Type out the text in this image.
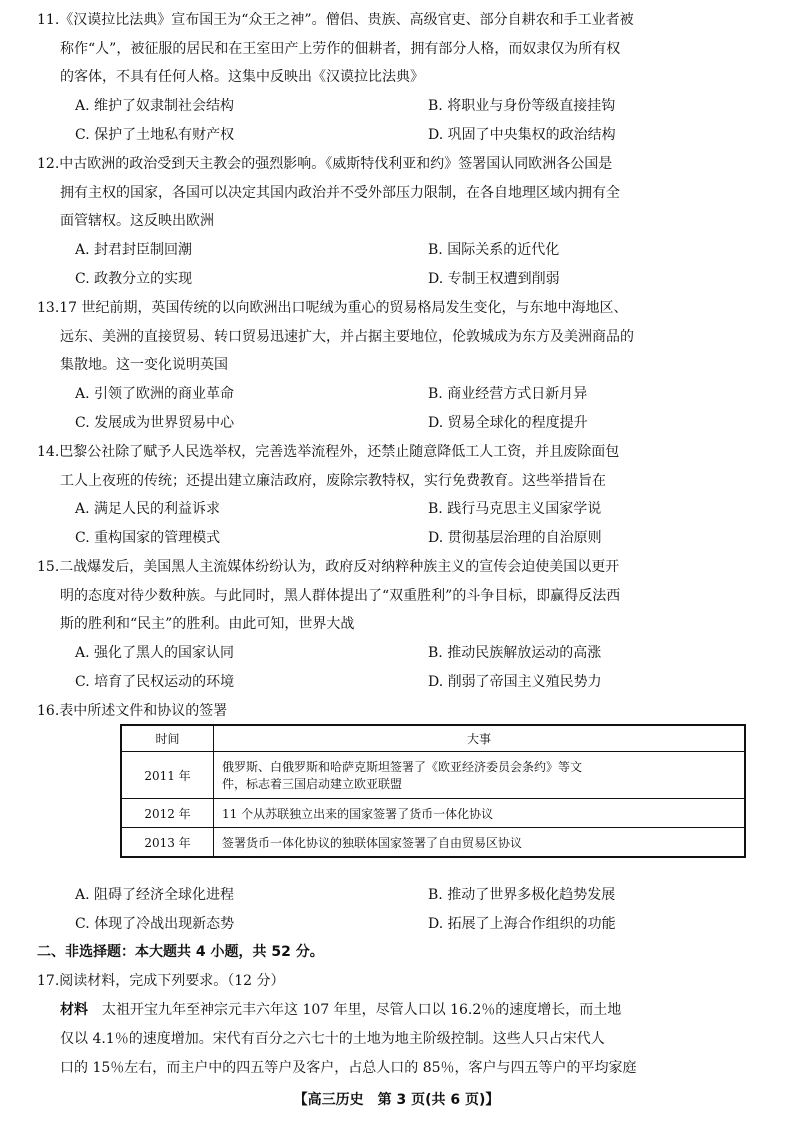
11.《汉谟拉比法典》宣布国王为“众王之神”。僧侣、贵族、高级官吏、部分自耕农和手工业者被
称作“人”，被征服的居民和在王室田产上劳作的佃耕者，拥有部分人格，而奴隶仅为所有权
的客体，不具有任何人格。这集中反映出《汉谟拉比法典》
A. 维护了奴隶制社会结构	B. 将职业与身份等级直接挂钩
C. 保护了土地私有财产权	D. 巩固了中央集权的政治结构
12.中古欧洲的政治受到天主教会的强烈影响。《威斯特伐利亚和约》签署国认同欧洲各公国是
拥有主权的国家，各国可以决定其国内政治并不受外部压力限制，在各自地理区域内拥有全
面管辖权。这反映出欧洲
A. 封君封臣制回潮	B. 国际关系的近代化
C. 政教分立的实现	D. 专制王权遭到削弱
13.17 世纪前期，英国传统的以向欧洲出口呢绒为重心的贸易格局发生变化，与东地中海地区、
远东、美洲的直接贸易、转口贸易迅速扩大，并占据主要地位，伦敦城成为东方及美洲商品的
集散地。这一变化说明英国
A. 引领了欧洲的商业革命	B. 商业经营方式日新月异
C. 发展成为世界贸易中心	D. 贸易全球化的程度提升
14.巴黎公社除了赋予人民选举权，完善选举流程外，还禁止随意降低工人工资，并且废除面包
工人上夜班的传统；还提出建立廉洁政府，废除宗教特权，实行免费教育。这些举措旨在
A. 满足人民的利益诉求	B. 践行马克思主义国家学说
C. 重构国家的管理模式	D. 贯彻基层治理的自治原则
15.二战爆发后，美国黑人主流媒体纷纷认为，政府反对纳粹种族主义的宣传会迫使美国以更开
明的态度对待少数种族。与此同时，黑人群体提出了“双重胜利”的斗争目标，即赢得反法西
斯的胜利和“民主”的胜利。由此可知，世界大战
A. 强化了黑人的国家认同	B. 推动民族解放运动的高涨
C. 培育了民权运动的环境	D. 削弱了帝国主义殖民势力
16.表中所述文件和协议的签署
时间	大事
2011 年	俄罗斯、白俄罗斯和哈萨克斯坦签署了《欧亚经济委员会条约》等文
件，标志着三国启动建立欧亚联盟

2012 年	11 个从苏联独立出来的国家签署了货币一体化协议
2013 年	签署货币一体化协议的独联体国家签署了自由贸易区协议
A. 阻碍了经济全球化进程	B. 推动了世界多极化趋势发展
C. 体现了冷战出现新态势	D. 拓展了上海合作组织的功能
二、非选择题：本大题共 4 小题，共 52 分。
17.阅读材料，完成下列要求。（12 分）
材料　 太祖开宝九年至神宗元丰六年这 107 年里，尽管人口以 16.2％的速度增长，而土地
仅以 4.1％的速度增加。宋代有百分之六七十的土地为地主阶级控制。这些人只占宋代人
口的 15％左右，而主户中的四五等户及客户，占总人口的 85％，客户与四五等户的平均家庭
【高三历史　第 3 页(共 6 页)】
